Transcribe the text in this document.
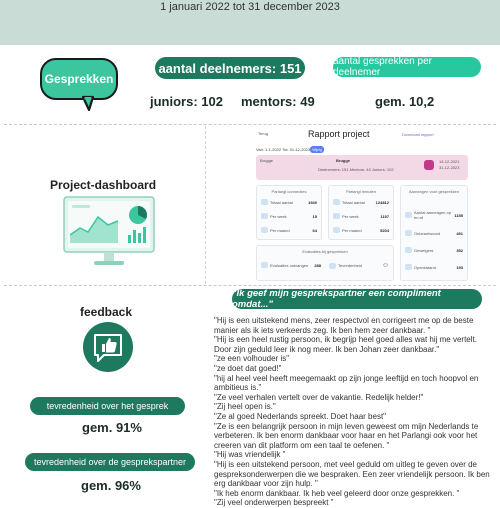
1 januari 2022 tot 31 december 2023
Gesprekken
aantal deelnemers: 151	aantal gesprekken per deelnemer
juniors: 102 mentors: 49	gem. 10,2
Project-dashboard
Terug	Rapport project	Download rapport
Van: 1-1-2022 Tot: 31-12-2023 Wijzig
Brugge	Brugge
Deelnemers: 151 Mentors: 49 Juniors: 102
14-12-2021
31-12-2023
Parlangi connecties
Totaal aantal	1940
Per week	15
Per maand	64
Parlangi minuten
Totaal aantal	124812
Per week	1197
Per maand	5204
Aanvragen voor gesprekken
Aantal aanvragen op en af	1155
Onbeantwoord	491
Geweigerd	352
Openstaand	193
Evaluaties bij gesprekken
Evaluaties ontvangen	288	Tevredenheid	☺
feedback
tevredenheid over het gesprek
gem. 91%
tevredenheid over de gesprekspartner
gem. 96%
"Ik geef mijn gesprekspartner een compliment omdat..."

"Hij is een uitstekend mens, zeer respectvol en corrigeert me op de beste manier als ik iets verkeerds zeg. Ik ben hem zeer dankbaar. "

"Hij is een heel rustig persoon, ik begrijp heel goed alles wat hij me vertelt. Door zijn geduld leer ik nog meer. Ik ben Johan zeer dankbaar."

"ze een volhouder is"

"ze doet dat goed!"

"hij al heel veel heeft meegemaakt op zijn jonge leeftijd en toch hoopvol en ambitieus is."

"Ze veel verhalen vertelt over de vakantie. Redelijk helder!"

"Zij heel open is."

"Ze al goed Nederlands spreekt. Doet haar best"

"Ze is een belangrijk persoon in mijn leven geweest om mijn Nederlands te verbeteren. Ik ben enorm dankbaar voor haar en het Parlangi ook voor het creeren van dit platform om een taal te oefenen. "

"Hij was vriendelijk "

"Hij is een uitstekend persoon, met veel geduld om uitleg te geven over de gespreksonderwerpen die we bespraken. Een zeer vriendelijk persoon. Ik ben erg dankbaar voor zijn hulp. "

"Ik heb enorm dankbaar. Ik heb veel geleerd door onze gesprekken. "

"Zij veel onderwerpen bespreekt "
